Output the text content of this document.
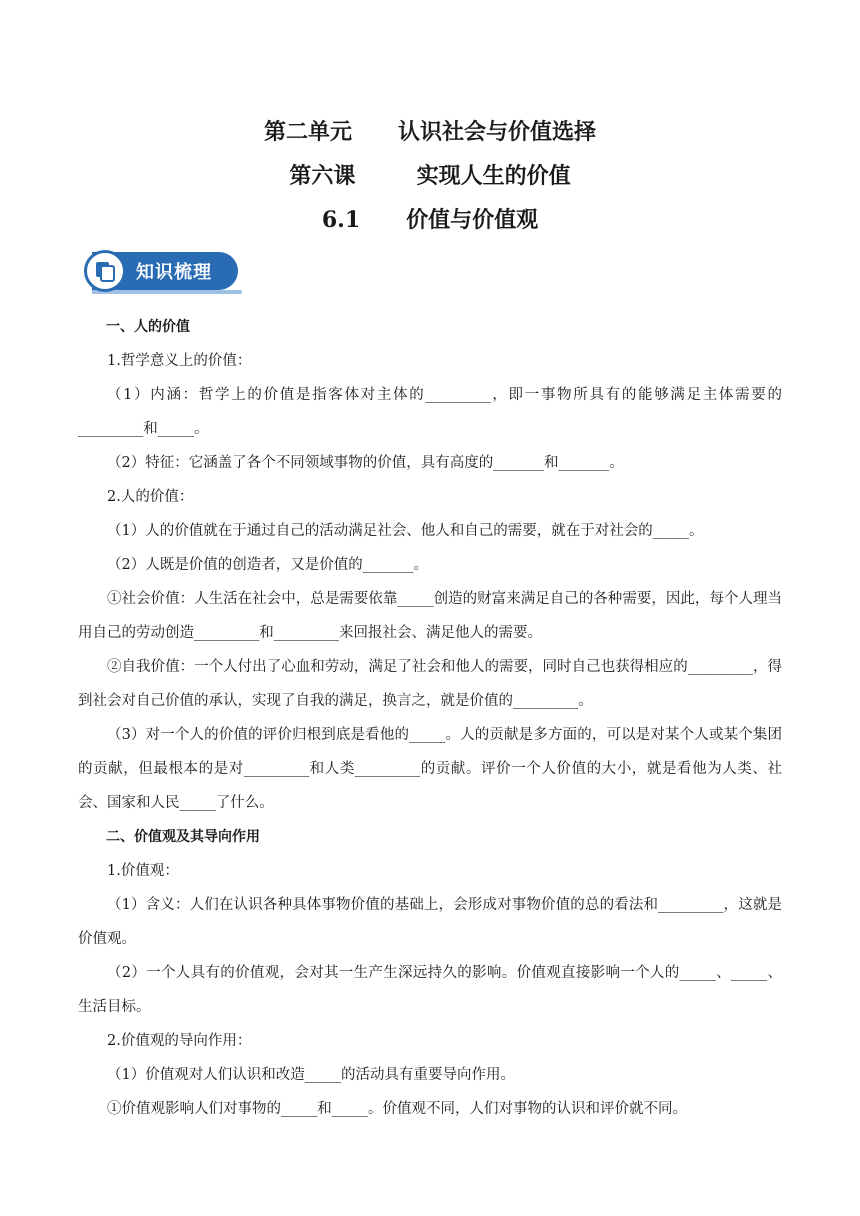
第二单元      认识社会与价值选择
第六课        实现人生的价值
6.1      价值与价值观
知识梳理

一、人的价值

1.哲学意义上的价值：

（1）内涵：哲学上的价值是指客体对主体的_________，即一事物所具有的能够满足主体需要的_________和_____。

（2）特征：它涵盖了各个不同领域事物的价值，具有高度的_______和_______。

2.人的价值：

（1）人的价值就在于通过自己的活动满足社会、他人和自己的需要，就在于对社会的_____。

（2）人既是价值的创造者，又是价值的_______。

①社会价值：人生活在社会中，总是需要依靠_____创造的财富来满足自己的各种需要，因此，每个人理当用自己的劳动创造_________和_________来回报社会、满足他人的需要。

②自我价值：一个人付出了心血和劳动，满足了社会和他人的需要，同时自己也获得相应的_________，得到社会对自己价值的承认，实现了自我的满足，换言之，就是价值的_________。

（3）对一个人的价值的评价归根到底是看他的_____。人的贡献是多方面的，可以是对某个人或某个集团的贡献，但最根本的是对_________和人类_________的贡献。评价一个人价值的大小，就是看他为人类、社会、国家和人民_____了什么。

二、价值观及其导向作用

1.价值观：

（1）含义：人们在认识各种具体事物价值的基础上，会形成对事物价值的总的看法和_________，这就是价值观。

（2）一个人具有的价值观，会对其一生产生深远持久的影响。价值观直接影响一个人的_____、_____、生活目标。

2.价值观的导向作用：

（1）价值观对人们认识和改造_____的活动具有重要导向作用。

①价值观影响人们对事物的_____和_____。价值观不同，人们对事物的认识和评价就不同。
